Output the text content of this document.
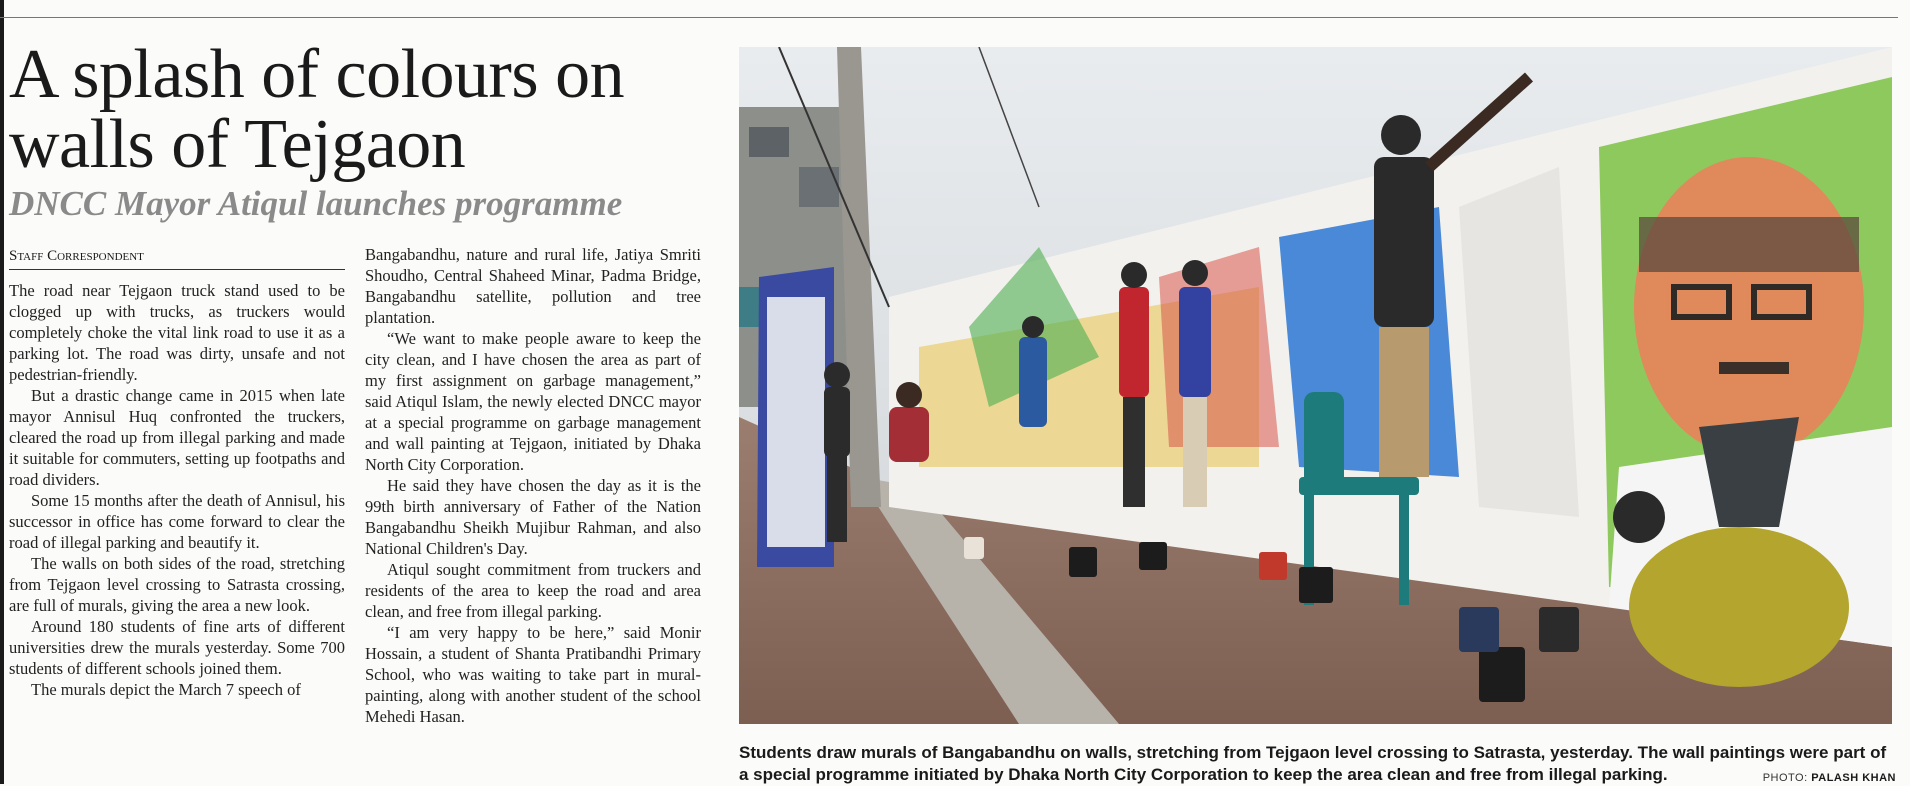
A splash of colours on walls of Tejgaon
DNCC Mayor Atiqul launches programme
Staff Correspondent

The road near Tejgaon truck stand used to be clogged up with trucks, as truckers would completely choke the vital link road to use it as a parking lot. The road was dirty, unsafe and not pedestrian-friendly.

But a drastic change came in 2015 when late mayor Annisul Huq confronted the truckers, cleared the road up from illegal parking and made it suitable for commuters, setting up footpaths and road dividers.

Some 15 months after the death of Annisul, his successor in office has come forward to clear the road of illegal parking and beautify it.

The walls on both sides of the road, stretching from Tejgaon level crossing to Satrasta crossing, are full of murals, giving the area a new look.

Around 180 students of fine arts of different universities drew the murals yesterday. Some 700 students of different schools joined them.

The murals depict the March 7 speech of

Bangabandhu, nature and rural life, Jatiya Smriti Shoudho, Central Shaheed Minar, Padma Bridge, Bangabandhu satellite, pollution and tree plantation.

“We want to make people aware to keep the city clean, and I have chosen the area as part of my first assignment on garbage management,” said Atiqul Islam, the newly elected DNCC mayor at a special programme on garbage management and wall painting at Tejgaon, initiated by Dhaka North City Corporation.

He said they have chosen the day as it is the 99th birth anniversary of Father of the Nation Bangabandhu Sheikh Mujibur Rahman, and also National Children's Day.

Atiqul sought commitment from truckers and residents of the area to keep the road and area clean, and free from illegal parking.

“I am very happy to be here,” said Monir Hossain, a student of Shanta Pratibandhi Primary School, who was waiting to take part in mural-painting, along with another student of the school Mehedi Hasan.

Students draw murals of Bangabandhu on walls, stretching from Tejgaon level crossing to Satrasta, yesterday. The wall paintings were part of a special programme initiated by Dhaka North City Corporation to keep the area clean and free from illegal parking.	PHOTO: PALASH KHAN
